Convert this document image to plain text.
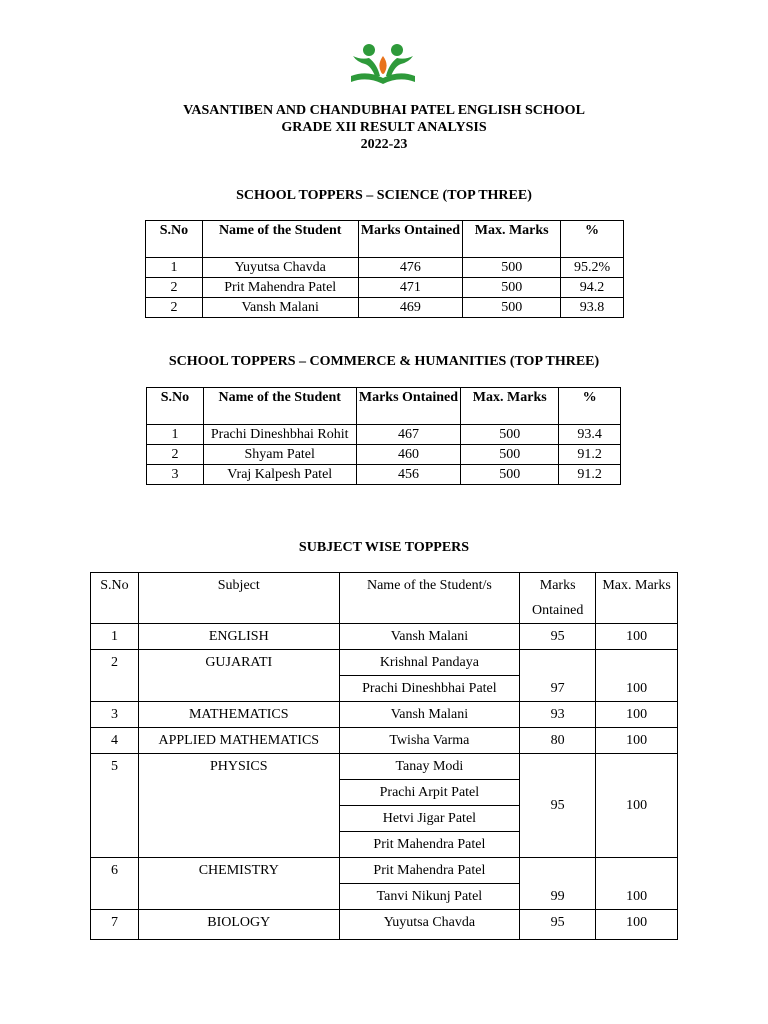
VASANTIBEN AND CHANDUBHAI PATEL ENGLISH SCHOOL
GRADE XII RESULT ANALYSIS
2022-23
SCHOOL TOPPERS – SCIENCE (TOP THREE)
S.No	Name of the Student	Marks Ontained	Max. Marks	%
1	Yuyutsa Chavda	476	500	95.2%
2	Prit Mahendra Patel	471	500	94.2
2	Vansh Malani	469	500	93.8
SCHOOL TOPPERS – COMMERCE & HUMANITIES (TOP THREE)
S.No	Name of the Student	Marks Ontained	Max. Marks	%
1	Prachi Dineshbhai Rohit	467	500	93.4
2	Shyam Patel	460	500	91.2
3	Vraj Kalpesh Patel	456	500	91.2
SUBJECT WISE TOPPERS
S.No	Subject	Name of the Student/s	Marks Ontained	Max. Marks
1	ENGLISH	Vansh Malani	95	100
2	GUJARATI	Krishnal Pandaya	97	100
		Prachi Dineshbhai Patel		
3	MATHEMATICS	Vansh Malani	93	100
4	APPLIED MATHEMATICS	Twisha Varma	80	100
5	PHYSICS	Tanay Modi	95	100
		Prachi Arpit Patel		
		Hetvi Jigar Patel		
		Prit Mahendra Patel		
6	CHEMISTRY	Prit Mahendra Patel	99	100
		Tanvi Nikunj Patel		
7	BIOLOGY	Yuyutsa Chavda	95	100
